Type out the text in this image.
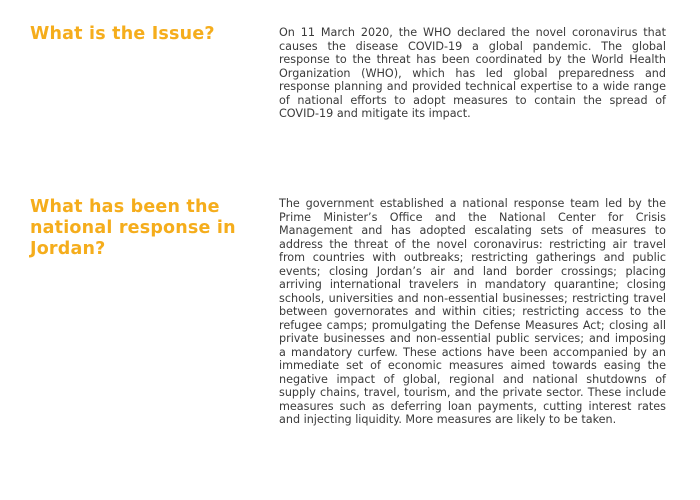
What is the Issue?	On 11 March 2020, the WHO declared the novel coronavirus that causes the disease COVID-19 a global pandemic. The global response to the threat has been coordinated by the World Health Organization (WHO), which has led global preparedness and response planning and provided technical expertise to a wide range of national efforts to adopt measures to contain the spread of COVID-19 and mitigate its impact.

What has been the national response in Jordan?

The government established a national response team led by the Prime Minister’s Office and the National Center for Crisis Management and has adopted escalating sets of measures to address the threat of the novel coronavirus: restricting air travel from countries with outbreaks; restricting gatherings and public events; closing Jordan’s air and land border crossings; placing arriving international travelers in mandatory quarantine; closing schools, universities and non-essential businesses; restricting travel between governorates and within cities; restricting access to the refugee camps; promulgating the Defense Measures Act; closing all private businesses and non-essential public services; and imposing a mandatory curfew. These actions have been accompanied by an immediate set of economic measures aimed towards easing the negative impact of global, regional and national shutdowns of supply chains, travel, tourism, and the private sector. These include measures such as deferring loan payments, cutting interest rates and injecting liquidity. More measures are likely to be taken.
